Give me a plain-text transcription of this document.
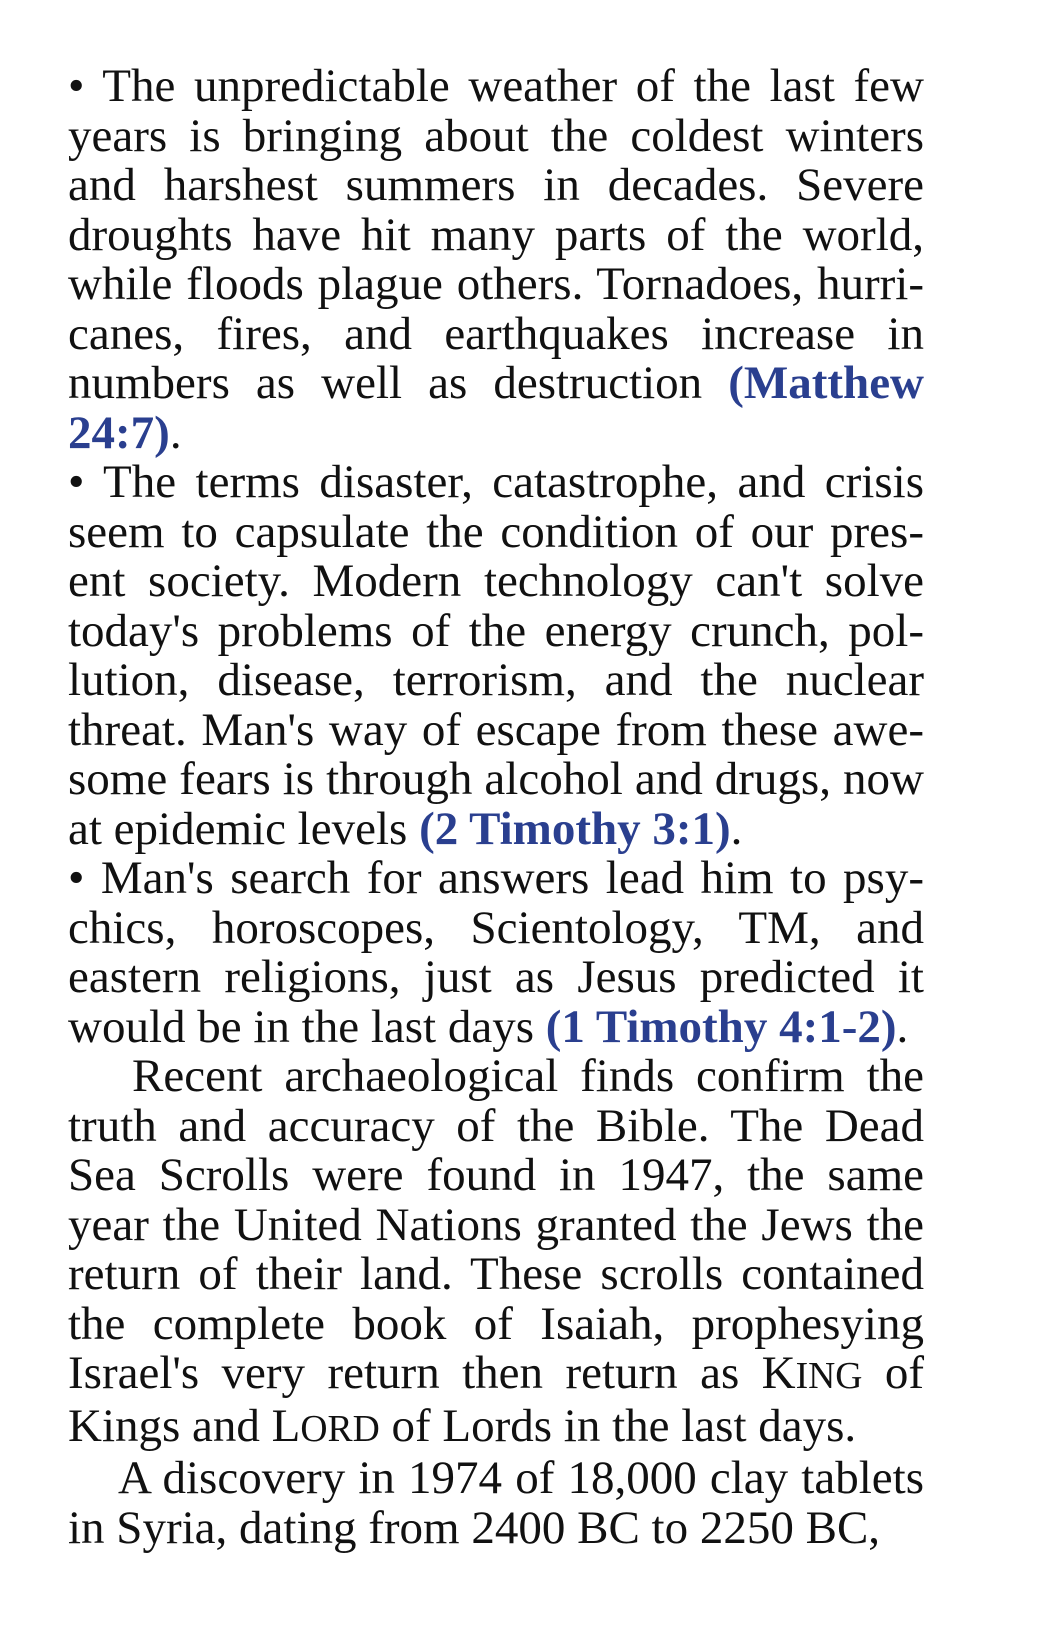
• The unpredictable weather of the last few years is bringing about the coldest winters and harshest summers in decades. Severe droughts have hit many parts of the world, while floods plague others. Tornadoes, hurricanes, fires, and earthquakes increase in numbers as well as destruction (Matthew 24:7).

• The terms disaster, catastrophe, and crisis seem to capsulate the condition of our present society. Modern technology can't solve today's problems of the energy crunch, pollution, disease, terrorism, and the nuclear threat. Man's way of escape from these awesome fears is through alcohol and drugs, now at epidemic levels (2 Timothy 3:1).

• Man's search for answers lead him to psychics, horoscopes, Scientology, TM, and eastern religions, just as Jesus predicted it would be in the last days (1 Timothy 4:1-2).

Recent archaeological finds confirm the truth and accuracy of the Bible. The Dead Sea Scrolls were found in 1947, the same year the United Nations granted the Jews the return of their land. These scrolls contained the complete book of Isaiah, prophesying Israel's very return then return as KING of Kings and LORD of Lords in the last days.

A discovery in 1974 of 18,000 clay tablets in Syria, dating from 2400 BC to 2250 BC,
